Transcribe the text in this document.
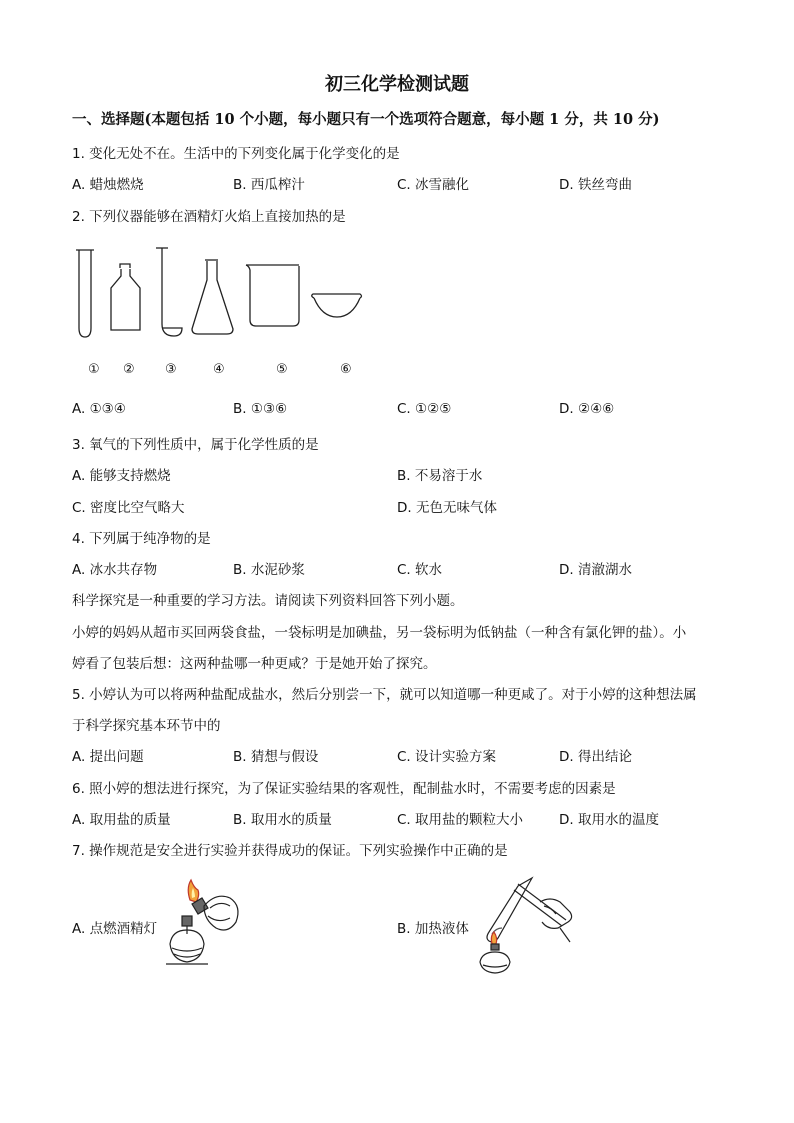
初三化学检测试题
一、选择题(本题包括 10 个小题，每小题只有一个选项符合题意，每小题 1 分，共 10 分)
1. 变化无处不在。生活中的下列变化属于化学变化的是
A. 蜡烛燃烧	B. 西瓜榨汁	C. 冰雪融化	D. 铁丝弯曲
2. 下列仪器能够在酒精灯火焰上直接加热的是
① ② ③	④	⑤	⑥
A. ①③④	B. ①③⑥	C. ①②⑤	D. ②④⑥
3. 氧气的下列性质中，属于化学性质的是
A. 能够支持燃烧	B. 不易溶于水
C. 密度比空气略大	D. 无色无味气体
4. 下列属于纯净物的是
A. 冰水共存物	B. 水泥砂浆	C. 软水	D. 清澈湖水
科学探究是一种重要的学习方法。请阅读下列资料回答下列小题。
小婷的妈妈从超市买回两袋食盐，一袋标明是加碘盐，另一袋标明为低钠盐（一种含有氯化钾的盐）。小
婷看了包装后想：这两种盐哪一种更咸？于是她开始了探究。
5. 小婷认为可以将两种盐配成盐水，然后分别尝一下，就可以知道哪一种更咸了。对于小婷的这种想法属
于科学探究基本环节中的
A. 提出问题	B. 猜想与假设	C. 设计实验方案	D. 得出结论
6. 照小婷的想法进行探究，为了保证实验结果的客观性，配制盐水时，不需要考虑的因素是
A. 取用盐的质量	B. 取用水的质量	C. 取用盐的颗粒大小	D. 取用水的温度
7. 操作规范是安全进行实验并获得成功的保证。下列实验操作中正确的是
A. 点燃酒精灯	B. 加热液体
